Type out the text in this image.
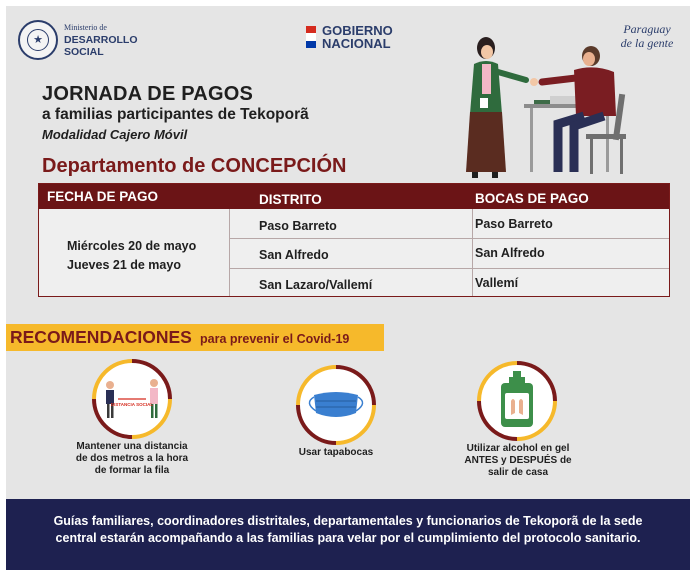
★
Ministerio de
DESARROLLO
SOCIAL
GOBIERNO
NACIONAL
Paraguay
de la gente
JORNADA DE PAGOS
a familias participantes de Tekoporã
Modalidad Cajero Móvil
Departamento de CONCEPCIÓN
FECHA DE PAGO	DISTRITO	BOCAS DE PAGO
Miércoles 20 de mayo
Jueves 21 de mayo
Paso Barreto	Paso Barreto
San Alfredo	San Alfredo
San Lazaro/Vallemí	Vallemí
RECOMENDACIONES para prevenir el Covid-19
DISTANCIA SOCIAL
Mantener una distancia
de dos metros a la hora
de formar la fila
Usar tapabocas	Utilizar alcohol en gel
ANTES y DESPUÉS de
salir de casa
Guías familiares, coordinadores distritales, departamentales y funcionarios de Tekoporã de la sede central estarán acompañando a las familias para velar por el cumplimiento del protocolo sanitario.
